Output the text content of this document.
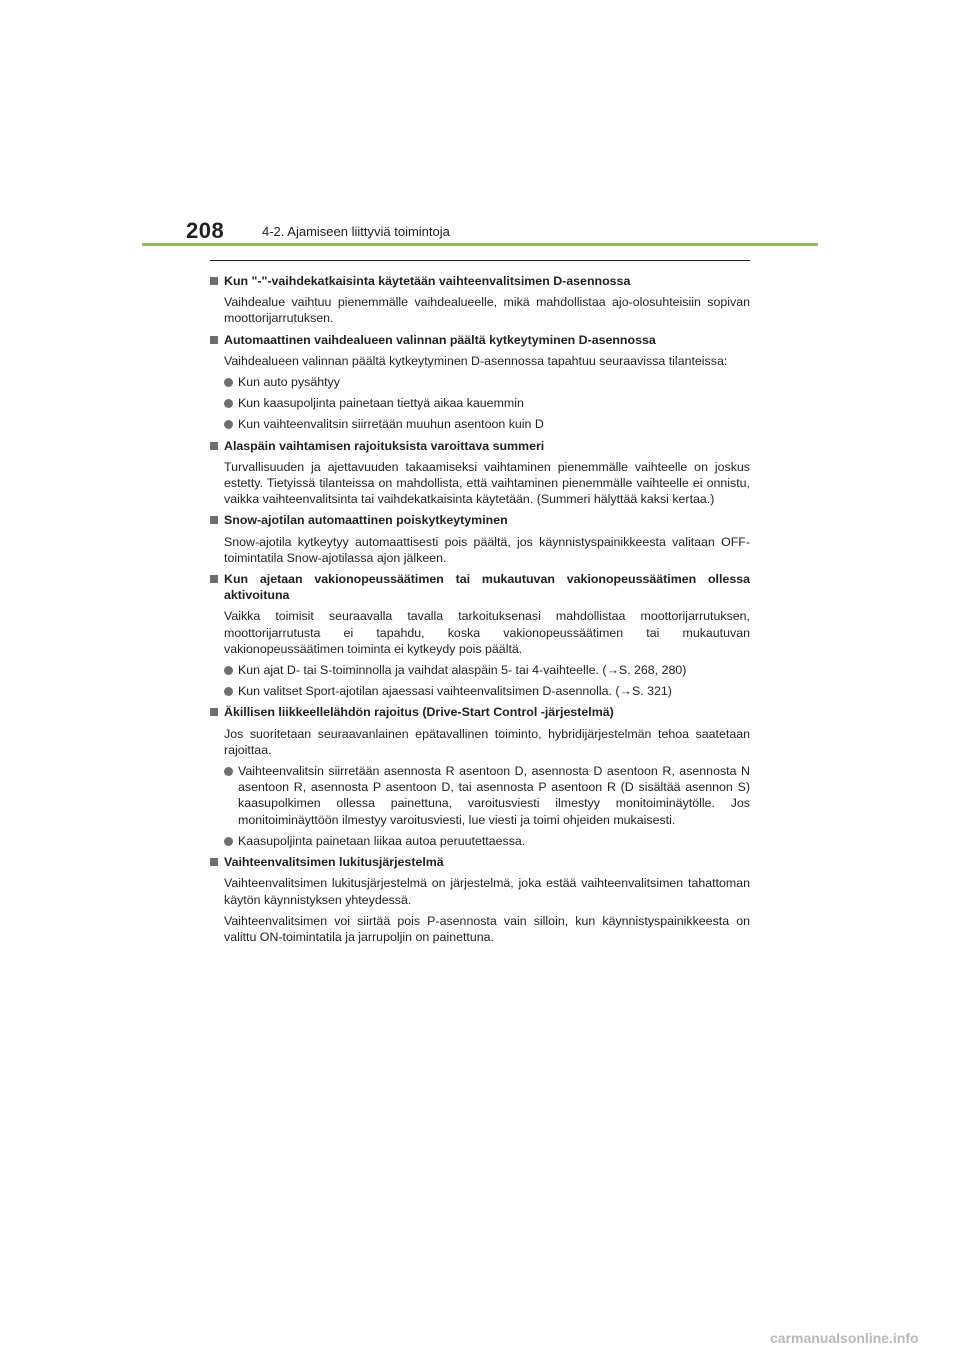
208	4-2. Ajamiseen liittyviä toimintoja
Kun "-"-vaihdekatkaisinta käytetään vaihteenvalitsimen D-asennossa
Vaihdealue vaihtuu pienemmälle vaihdealueelle, mikä mahdollistaa ajo-olosuhteisiin sopivan moottorijarrutuksen.
Automaattinen vaihdealueen valinnan päältä kytkeytyminen D-asennossa
Vaihdealueen valinnan päältä kytkeytyminen D-asennossa tapahtuu seuraavissa tilanteissa:
Kun auto pysähtyy
Kun kaasupoljinta painetaan tiettyä aikaa kauemmin
Kun vaihteenvalitsin siirretään muuhun asentoon kuin D
Alaspäin vaihtamisen rajoituksista varoittava summeri
Turvallisuuden ja ajettavuuden takaamiseksi vaihtaminen pienemmälle vaihteelle on joskus estetty. Tietyissä tilanteissa on mahdollista, että vaihtaminen pienemmälle vaihteelle ei onnistu, vaikka vaihteenvalitsinta tai vaihdekatkaisinta käytetään. (Summeri hälyttää kaksi kertaa.)
Snow-ajotilan automaattinen poiskytkeytyminen
Snow-ajotila kytkeytyy automaattisesti pois päältä, jos käynnistyspainikkeesta valitaan OFF-toimintatila Snow-ajotilassa ajon jälkeen.
Kun ajetaan vakionopeussäätimen tai mukautuvan vakionopeussäätimen ollessa aktivoituna
Vaikka toimisit seuraavalla tavalla tarkoituksenasi mahdollistaa moottorijarrutuksen, moottorijarrutusta ei tapahdu, koska vakionopeussäätimen tai mukautuvan vakionopeussäätimen toiminta ei kytkeydy pois päältä.
Kun ajat D- tai S-toiminnolla ja vaihdat alaspäin 5- tai 4-vaihteelle. (→S. 268, 280)
Kun valitset Sport-ajotilan ajaessasi vaihteenvalitsimen D-asennolla. (→S. 321)
Äkillisen liikkeellelähdön rajoitus (Drive-Start Control -järjestelmä)
Jos suoritetaan seuraavanlainen epätavallinen toiminto, hybridijärjestelmän tehoa saatetaan rajoittaa.
Vaihteenvalitsin siirretään asennosta R asentoon D, asennosta D asentoon R, asennosta N asentoon R, asennosta P asentoon D, tai asennosta P asentoon R (D sisältää asennon S) kaasupolkimen ollessa painettuna, varoitusviesti ilmestyy monitoiminäytölle. Jos monitoiminäyttöön ilmestyy varoitusviesti, lue viesti ja toimi ohjeiden mukaisesti.
Kaasupoljinta painetaan liikaa autoa peruutettaessa.
Vaihteenvalitsimen lukitusjärjestelmä
Vaihteenvalitsimen lukitusjärjestelmä on järjestelmä, joka estää vaihteenvalitsimen tahattoman käytön käynnistyksen yhteydessä.
Vaihteenvalitsimen voi siirtää pois P-asennosta vain silloin, kun käynnistyspainikkeesta on valittu ON-toimintatila ja jarrupoljin on painettuna.
carmanualsonline.info
